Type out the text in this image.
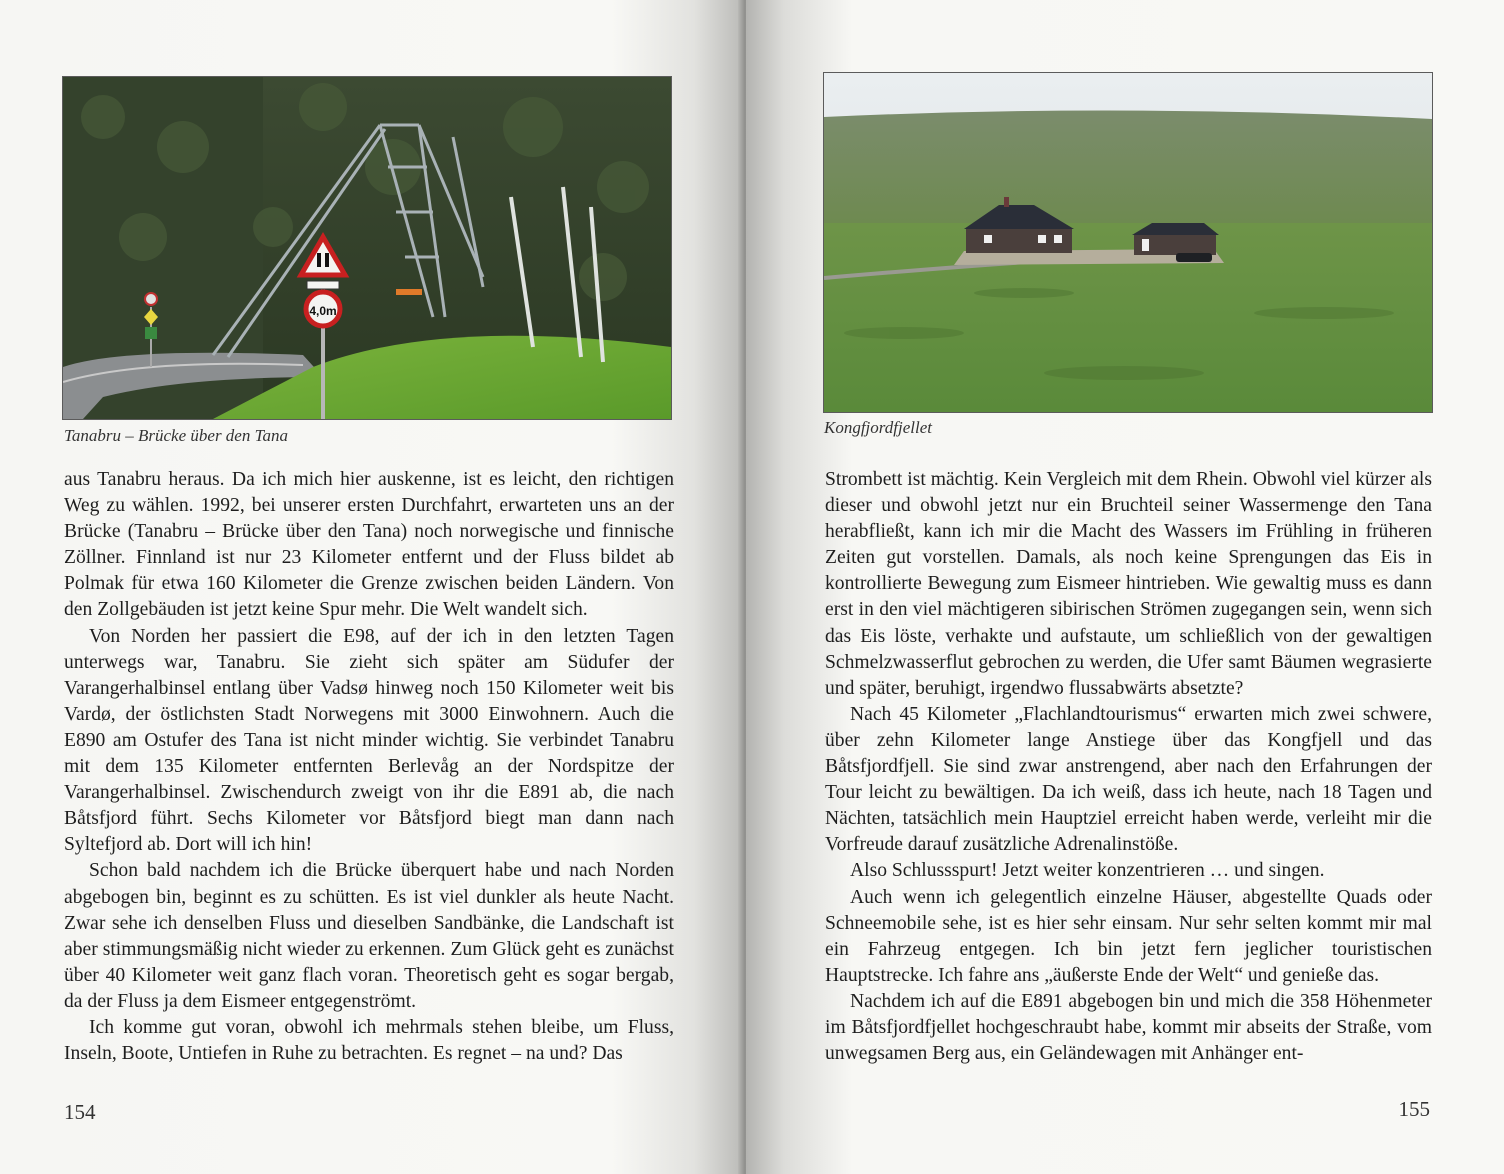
4,0m
Tanabru – Brücke über den Tana

aus Tanabru heraus. Da ich mich hier auskenne, ist es leicht, den richtigen Weg zu wählen. 1992, bei unserer ersten Durchfahrt, erwarteten uns an der Brücke (Tanabru – Brücke über den Tana) noch norwegische und finnische Zöllner. Finnland ist nur 23 Kilometer entfernt und der Fluss bildet ab Polmak für etwa 160 Kilometer die Grenze zwischen beiden Ländern. Von den Zollgebäuden ist jetzt keine Spur mehr. Die Welt wandelt sich.

Von Norden her passiert die E98, auf der ich in den letzten Tagen unterwegs war, Tanabru. Sie zieht sich später am Südufer der Varangerhalbinsel entlang über Vadsø hinweg noch 150 Kilometer weit bis Vardø, der östlichsten Stadt Norwegens mit 3000 Einwohnern. Auch die E890 am Ostufer des Tana ist nicht minder wichtig. Sie verbindet Tanabru mit dem 135 Kilometer entfernten Berlevåg an der Nordspitze der Varangerhalbinsel. Zwischendurch zweigt von ihr die E891 ab, die nach Båtsfjord führt. Sechs Kilometer vor Båtsfjord biegt man dann nach Syltefjord ab. Dort will ich hin!

Schon bald nachdem ich die Brücke überquert habe und nach Norden abgebogen bin, beginnt es zu schütten. Es ist viel dunkler als heute Nacht. Zwar sehe ich denselben Fluss und dieselben Sandbänke, die Landschaft ist aber stimmungsmäßig nicht wieder zu erkennen. Zum Glück geht es zunächst über 40 Kilometer weit ganz flach voran. Theoretisch geht es sogar bergab, da der Fluss ja dem Eismeer entgegenströmt.

Ich komme gut voran, obwohl ich mehrmals stehen bleibe, um Fluss, Inseln, Boote, Untiefen in Ruhe zu betrachten. Es regnet – na und? Das

154
Kongfjordfjellet

Strombett ist mächtig. Kein Vergleich mit dem Rhein. Obwohl viel kürzer als dieser und obwohl jetzt nur ein Bruchteil seiner Wassermenge den Tana herabfließt, kann ich mir die Macht des Wassers im Frühling in früheren Zeiten gut vorstellen. Damals, als noch keine Sprengungen das Eis in kontrollierte Bewegung zum Eismeer hintrieben. Wie gewaltig muss es dann erst in den viel mächtigeren sibirischen Strömen zugegangen sein, wenn sich das Eis löste, verhakte und aufstaute, um schließlich von der gewaltigen Schmelzwasserflut gebrochen zu werden, die Ufer samt Bäumen wegrasierte und später, beruhigt, irgendwo flussabwärts absetzte?

Nach 45 Kilometer „Flachlandtourismus“ erwarten mich zwei schwere, über zehn Kilometer lange Anstiege über das Kongfjell und das Båtsfjordfjell. Sie sind zwar anstrengend, aber nach den Erfahrungen der Tour leicht zu bewältigen. Da ich weiß, dass ich heute, nach 18 Tagen und Nächten, tatsächlich mein Hauptziel erreicht haben werde, verleiht mir die Vorfreude darauf zusätzliche Adrenalinstöße.

Also Schlussspurt! Jetzt weiter konzentrieren … und singen.

Auch wenn ich gelegentlich einzelne Häuser, abgestellte Quads oder Schneemobile sehe, ist es hier sehr einsam. Nur sehr selten kommt mir mal ein Fahrzeug entgegen. Ich bin jetzt fern jeglicher touristischen Hauptstrecke. Ich fahre ans „äußerste Ende der Welt“ und genieße das.

Nachdem ich auf die E891 abgebogen bin und mich die 358 Höhenmeter im Båtsfjordfjellet hochgeschraubt habe, kommt mir abseits der Straße, vom unwegsamen Berg aus, ein Geländewagen mit Anhänger ent-

155
